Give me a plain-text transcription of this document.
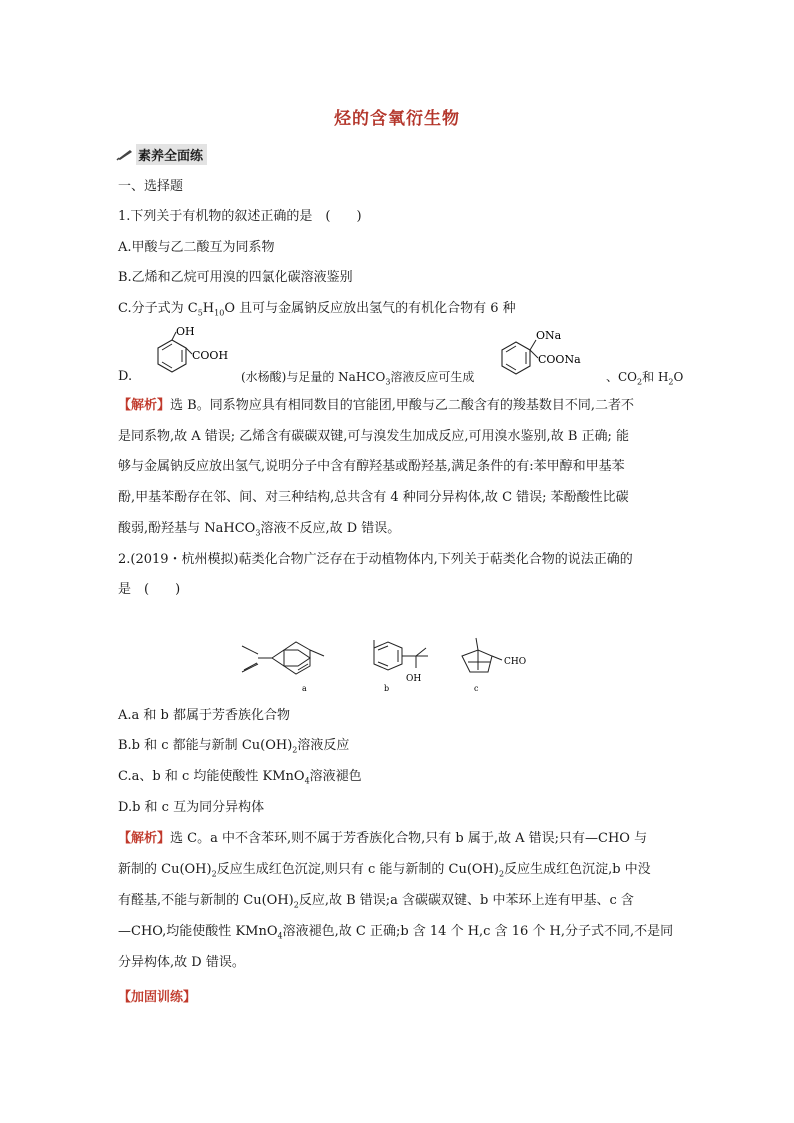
烃的含氧衍生物
素养全面练
一、选择题
1.下列关于有机物的叙述正确的是　(　　)
A.甲酸与乙二酸互为同系物
B.乙烯和乙烷可用溴的四氯化碳溶液鉴别
C.分子式为 $C_5H_{10}O$ 且可与金属钠反应放出氢气的有机化合物有 6 种
D.
OH
COOH
(水杨酸)与足量的 NaHCO$_3$溶液反应可生成
ONa
COONa
、$CO_2$和 $H_2O$
【解析】选 B。同系物应具有相同数目的官能团,甲酸与乙二酸含有的羧基数目不同,二者不
是同系物,故 A 错误; 乙烯含有碳碳双键,可与溴发生加成反应,可用溴水鉴别,故 B 正确; 能
够与金属钠反应放出氢气,说明分子中含有醇羟基或酚羟基,满足条件的有:苯甲醇和甲基苯
酚,甲基苯酚存在邻、间、对三种结构,总共含有 4 种同分异构体,故 C 错误; 苯酚酸性比碳
酸弱,酚羟基与 NaHCO$_3$溶液不反应,故 D 错误。
2.(2019・杭州模拟)萜类化合物广泛存在于动植物体内,下列关于萜类化合物的说法正确的
是　(　　)
a
OH
b
CHO
c
A.a 和 b 都属于芳香族化合物
B.b 和 c 都能与新制 $Cu(OH)_2$溶液反应
C.a、b 和 c 均能使酸性 KMnO$_4$溶液褪色
D.b 和 c 互为同分异构体
【解析】选 C。a 中不含苯环,则不属于芳香族化合物,只有 b 属于,故 A 错误;只有—CHO 与
新制的 $Cu(OH)_2$反应生成红色沉淀,则只有 c 能与新制的 $Cu(OH)_2$反应生成红色沉淀,b 中没
有醛基,不能与新制的 $Cu(OH)_2$反应,故 B 错误;a 含碳碳双键、b 中苯环上连有甲基、c 含
—CHO,均能使酸性 KMnO$_4$溶液褪色,故 C 正确;b 含 14 个 H,c 含 16 个 H,分子式不同,不是同
分异构体,故 D 错误。
【加固训练】
